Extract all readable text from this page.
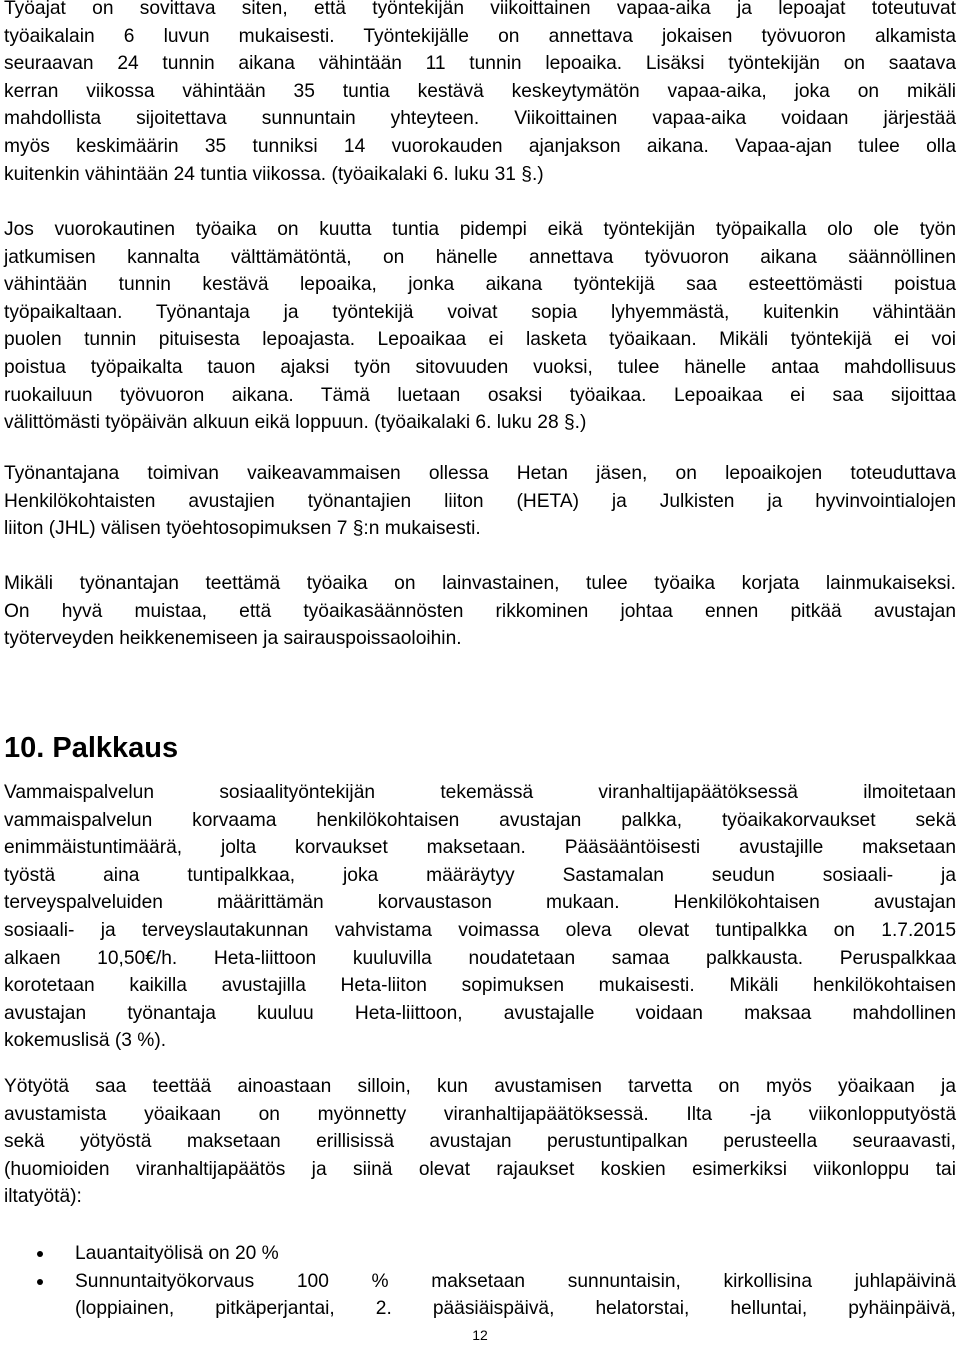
Työajat on sovittava siten, että työntekijän viikoittainen vapaa-aika ja lepoajat toteutuvat
työaikalain 6 luvun mukaisesti. Työntekijälle on annettava jokaisen työvuoron alkamista
seuraavan 24 tunnin aikana vähintään 11 tunnin lepoaika. Lisäksi työntekijän on saatava
kerran viikossa vähintään 35 tuntia kestävä keskeytymätön vapaa-aika, joka on mikäli
mahdollista sijoitettava sunnuntain yhteyteen. Viikoittainen vapaa-aika voidaan järjestää
myös keskimäärin 35 tunniksi 14 vuorokauden ajanjakson aikana. Vapaa-ajan tulee olla
kuitenkin vähintään 24 tuntia viikossa. (työaikalaki 6. luku 31 §.)
Jos vuorokautinen työaika on kuutta tuntia pidempi eikä työntekijän työpaikalla olo ole työn
jatkumisen kannalta välttämätöntä, on hänelle annettava työvuoron aikana säännöllinen
vähintään tunnin kestävä lepoaika, jonka aikana työntekijä saa esteettömästi poistua
työpaikaltaan. Työnantaja ja työntekijä voivat sopia lyhyemmästä, kuitenkin vähintään
puolen tunnin pituisesta lepoajasta. Lepoaikaa ei lasketa työaikaan. Mikäli työntekijä ei voi
poistua työpaikalta tauon ajaksi työn sitovuuden vuoksi, tulee hänelle antaa mahdollisuus
ruokailuun työvuoron aikana. Tämä luetaan osaksi työaikaa. Lepoaikaa ei saa sijoittaa
välittömästi työpäivän alkuun eikä loppuun. (työaikalaki 6. luku 28 §.)
Työnantajana toimivan vaikeavammaisen ollessa Hetan jäsen, on lepoaikojen toteuduttava
Henkilökohtaisten avustajien työnantajien liiton (HETA) ja Julkisten ja hyvinvointialojen
liiton (JHL) välisen työehtosopimuksen 7 §:n mukaisesti.
Mikäli työnantajan teettämä työaika on lainvastainen, tulee työaika korjata lainmukaiseksi.
On hyvä muistaa, että työaikasäännösten rikkominen johtaa ennen pitkää avustajan
työterveyden heikkenemiseen ja sairauspoissaoloihin.
10. Palkkaus
Vammaispalvelun sosiaalityöntekijän tekemässä viranhaltijapäätöksessä ilmoitetaan
vammaispalvelun korvaama henkilökohtaisen avustajan palkka, työaikakorvaukset sekä
enimmäistuntimäärä, jolta korvaukset maksetaan. Pääsääntöisesti avustajille maksetaan
työstä aina tuntipalkkaa, joka määräytyy Sastamalan seudun sosiaali- ja
terveyspalveluiden määrittämän korvaustason mukaan. Henkilökohtaisen avustajan
sosiaali- ja terveyslautakunnan vahvistama voimassa oleva olevat tuntipalkka on 1.7.2015
alkaen 10,50€/h. Heta-liittoon kuuluvilla noudatetaan samaa palkkausta. Peruspalkkaa
korotetaan kaikilla avustajilla Heta-liiton sopimuksen mukaisesti. Mikäli henkilökohtaisen
avustajan työnantaja kuuluu Heta-liittoon, avustajalle voidaan maksaa mahdollinen
kokemuslisä (3 %).
Yötyötä saa teettää ainoastaan silloin, kun avustamisen tarvetta on myös yöaikaan ja
avustamista yöaikaan on myönnetty viranhaltijapäätöksessä. Ilta -ja viikonlopputyöstä
sekä yötyöstä maksetaan erillisissä avustajan perustuntipalkan perusteella seuraavasti,
(huomioiden viranhaltijapäätös ja siinä olevat rajaukset koskien esimerkiksi viikonloppu tai
iltatyötä):
Lauantaityölisä on 20 %
Sunnuntaityökorvaus 100 % maksetaan sunnuntaisin, kirkollisina juhlapäivinä
(loppiainen, pitkäperjantai, 2. pääsiäispäivä, helatorstai, helluntai, pyhäinpäivä,
12
